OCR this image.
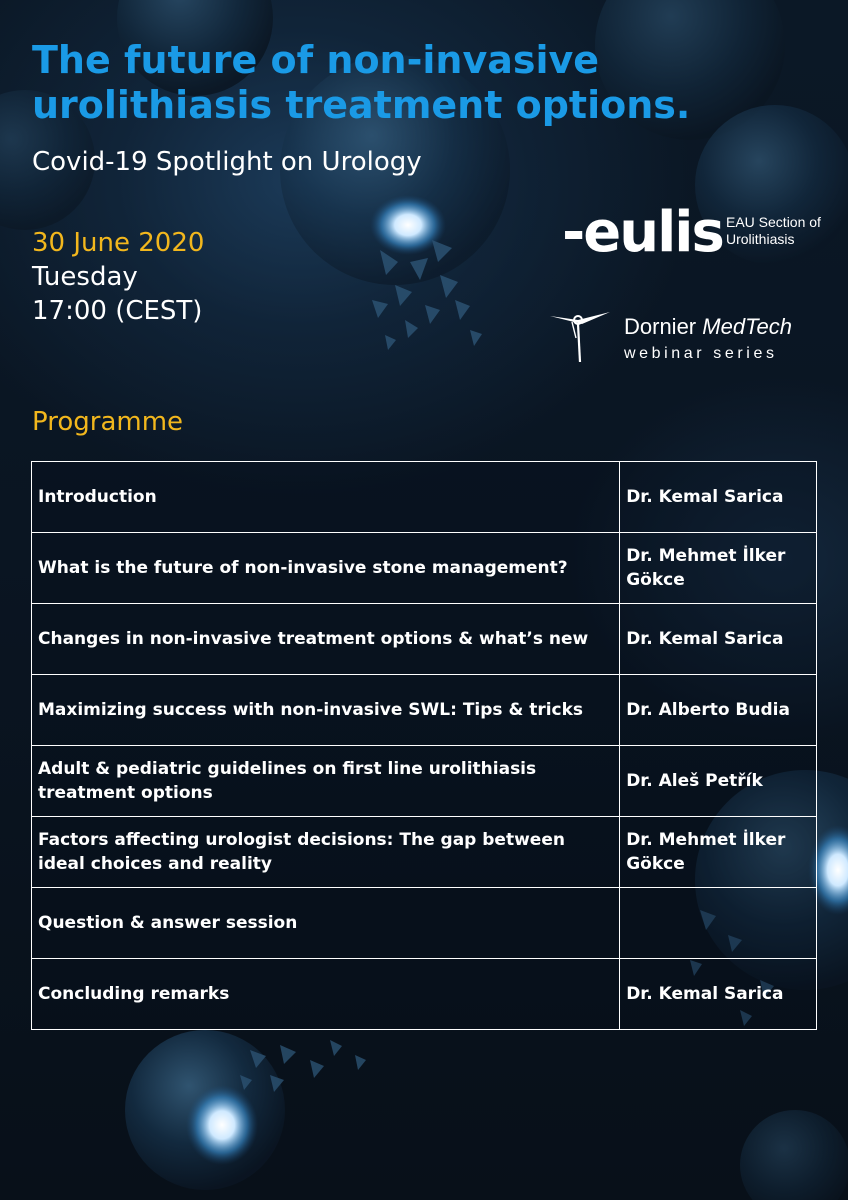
The future of non-invasive urolithiasis treatment options.
Covid-19 Spotlight on Urology
30 June 2020
Tuesday
17:00 (CEST)
-eulis EAU Section of Urolithiasis
Dornier MedTech
webinar series
Programme
Introduction	Dr. Kemal Sarica
What is the future of non-invasive stone management?	Dr. Mehmet İlker Gökce
Changes in non-invasive treatment options & what’s new	Dr. Kemal Sarica
Maximizing success with non-invasive SWL: Tips & tricks	Dr. Alberto Budia
Adult & pediatric guidelines on first line urolithiasis treatment options	Dr. Aleš Petřík
Factors affecting urologist decisions: The gap between ideal choices and reality	Dr. Mehmet İlker Gökce
Question & answer session	
Concluding remarks	Dr. Kemal Sarica
